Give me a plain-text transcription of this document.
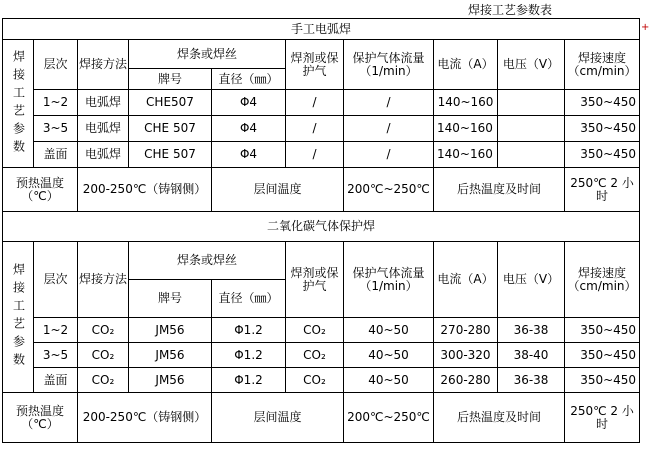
焊接工艺参数表
+
手工电弧焊									
焊接工艺参数	层次	焊接方法	焊条或焊丝		焊剂或保护气	保护气体流量（1/min）	电流（A）	电压（V）	焊接速度（cm/min）
			牌号	直径（㎜）					
	1~2	电弧焊	CHE507	Φ4	/	/	140~160		350~450
	3~5	电弧焊	CHE 507	Φ4	/	/	140~160		350~450
	盖面	电弧焊	CHE 507	Φ4	/	/	140~160		350~450
预热温度（℃）		200-250℃（铸钢侧）		层间温度		200℃~250℃	后热温度及时间		250℃ 2 小时
二氧化碳气体保护焊									
焊接工艺参数	层次	焊接方法	焊条或焊丝		焊剂或保护气	保护气体流量（1/min）	电流（A）	电压（V）	焊接速度（cm/min）
			牌号	直径（㎜）					
	1~2	CO₂	JM56	Φ1.2	CO₂	40~50	270-280	36-38	350~450
	3~5	CO₂	JM56	Φ1.2	CO₂	40~50	300-320	38-40	350~450
	盖面	CO₂	JM56	Φ1.2	CO₂	40~50	260-280	36-38	350~450
预热温度（℃）		200-250℃（铸钢侧）		层间温度		200℃~250℃	后热温度及时间		250℃ 2 小时
